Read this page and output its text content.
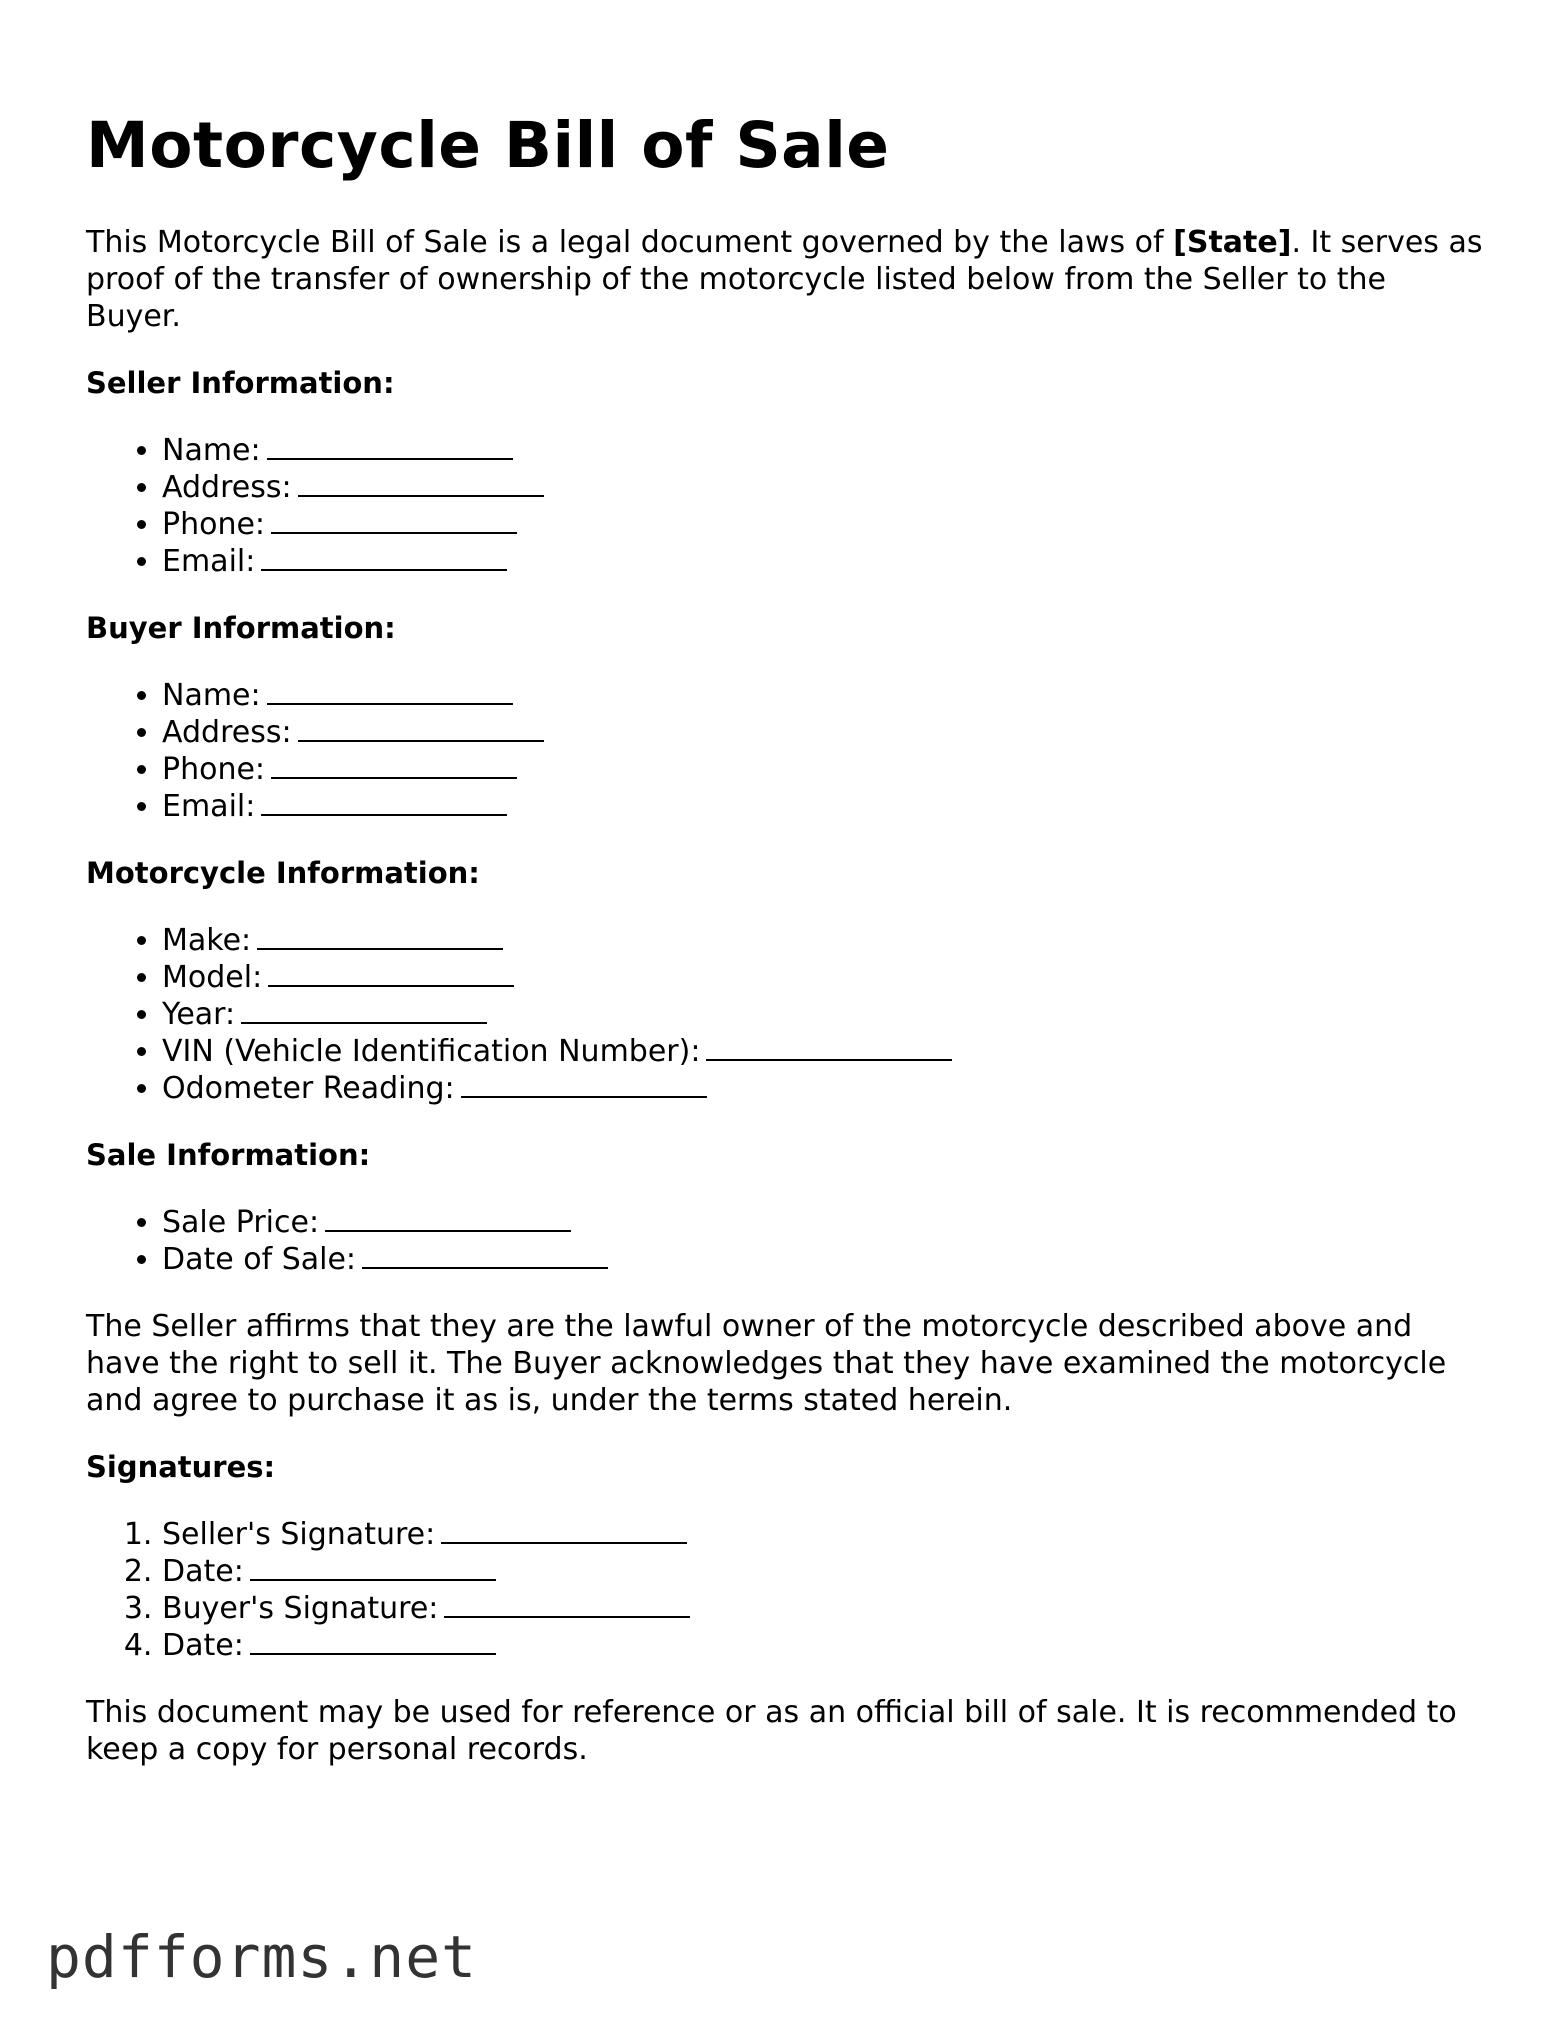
Motorcycle Bill of Sale

This Motorcycle Bill of Sale is a legal document governed by the laws of [State]. It serves as proof of the transfer of ownership of the motorcycle listed below from the Seller to the Buyer.

Seller Information:
• Name:
• Address:
• Phone:
• Email:
Buyer Information:
• Name:
• Address:
• Phone:
• Email:
Motorcycle Information:
• Make:
• Model:
• Year:
• VIN (Vehicle Identification Number):
• Odometer Reading:
Sale Information:
• Sale Price:
• Date of Sale:

The Seller affirms that they are the lawful owner of the motorcycle described above and have the right to sell it. The Buyer acknowledges that they have examined the motorcycle and agree to purchase it as is, under the terms stated herein.

Signatures:
1. Seller's Signature:
2. Date:
3. Buyer's Signature:
4. Date:

This document may be used for reference or as an official bill of sale. It is recommended to keep a copy for personal records.

pdfforms.net
